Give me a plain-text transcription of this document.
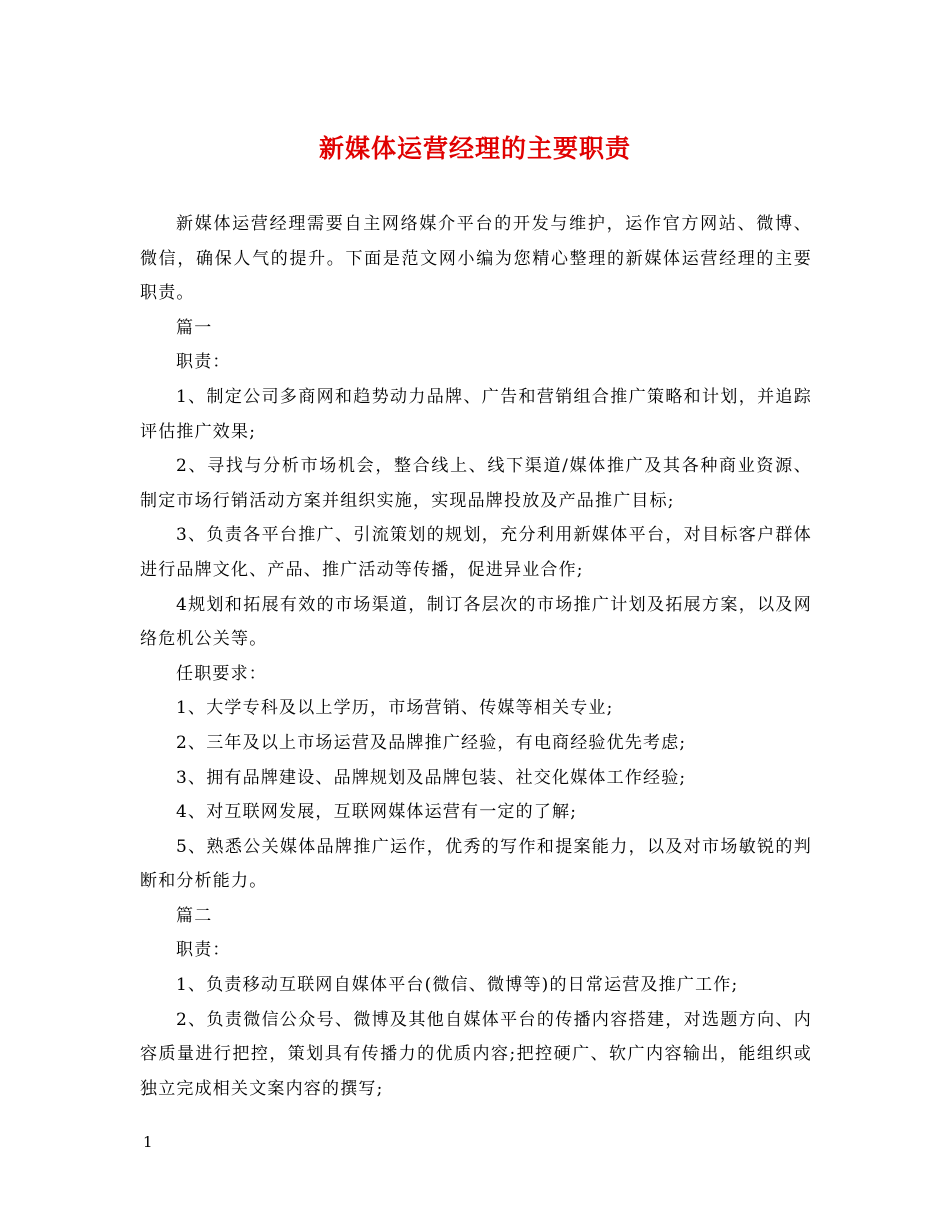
新媒体运营经理的主要职责

新媒体运营经理需要自主网络媒介平台的开发与维护，运作官方网站、微博、微信，确保人气的提升。下面是范文网小编为您精心整理的新媒体运营经理的主要职责。

篇一

职责：

1、制定公司多商网和趋势动力品牌、广告和营销组合推广策略和计划，并追踪评估推广效果;

2、寻找与分析市场机会，整合线上、线下渠道/媒体推广及其各种商业资源、制定市场行销活动方案并组织实施，实现品牌投放及产品推广目标;

3、负责各平台推广、引流策划的规划，充分利用新媒体平台，对目标客户群体进行品牌文化、产品、推广活动等传播，促进异业合作;

4规划和拓展有效的市场渠道，制订各层次的市场推广计划及拓展方案，以及网络危机公关等。

任职要求：

1、大学专科及以上学历，市场营销、传媒等相关专业;

2、三年及以上市场运营及品牌推广经验，有电商经验优先考虑;

3、拥有品牌建设、品牌规划及品牌包装、社交化媒体工作经验;

4、对互联网发展，互联网媒体运营有一定的了解;

5、熟悉公关媒体品牌推广运作，优秀的写作和提案能力，以及对市场敏锐的判断和分析能力。

篇二

职责：

1、负责移动互联网自媒体平台(微信、微博等)的日常运营及推广工作;

2、负责微信公众号、微博及其他自媒体平台的传播内容搭建，对选题方向、内容质量进行把控，策划具有传播力的优质内容;把控硬广、软广内容输出，能组织或独立完成相关文案内容的撰写;

1
